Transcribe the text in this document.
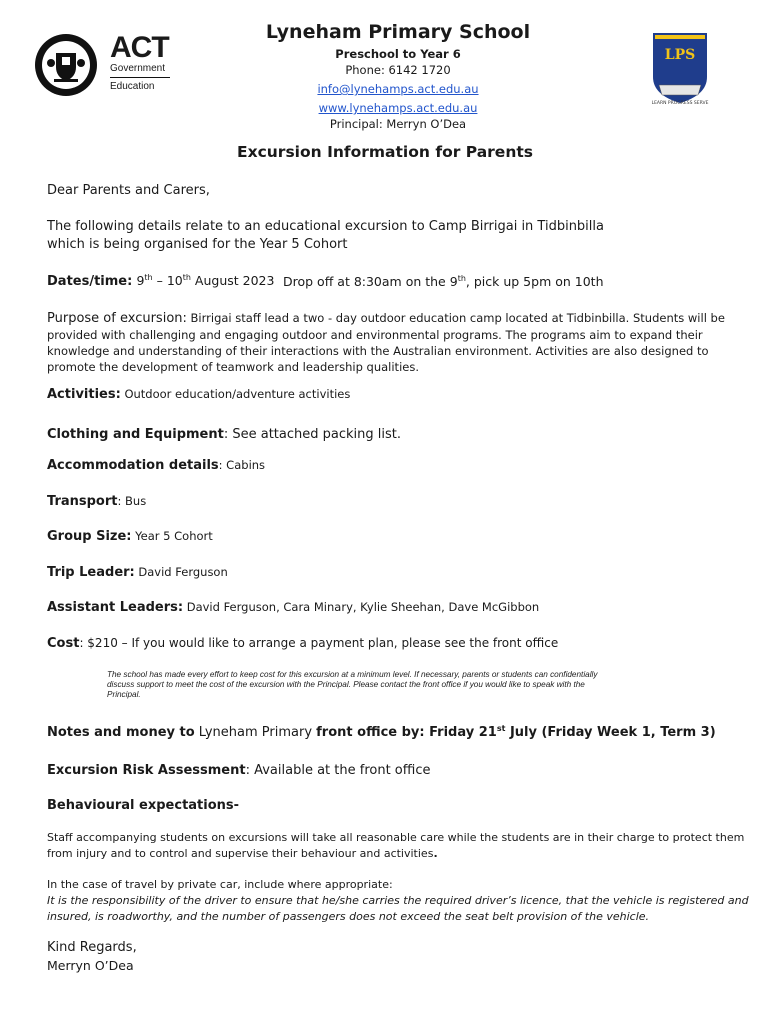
ACT
Government
Education
Lyneham Primary School
Preschool to Year 6
Phone: 6142 1720
info@lynehamps.act.edu.au
www.lynehamps.act.edu.au
Principal: Merryn O’Dea
LPS
LEARN PROGRESS SERVE
Excursion Information for Parents
Dear Parents and Carers,
The following details relate to an educational excursion to Camp Birrigai in Tidbinbilla
which is being organised for the Year 5 Cohort
Dates/time: 9th – 10th August 2023 Drop off at 8:30am on the 9th, pick up 5pm on 10th
Purpose of excursion: Birrigai staff lead a two - day outdoor education camp located at Tidbinbilla. Students will be
provided with challenging and engaging outdoor and environmental programs. The programs aim to expand their
knowledge and understanding of their interactions with the Australian environment. Activities are also designed to
promote the development of teamwork and leadership qualities.
Activities: Outdoor education/adventure activities
Clothing and Equipment: See attached packing list.
Accommodation details: Cabins
Transport: Bus
Group Size: Year 5 Cohort
Trip Leader: David Ferguson
Assistant Leaders: David Ferguson, Cara Minary, Kylie Sheehan, Dave McGibbon
Cost: $210 – If you would like to arrange a payment plan, please see the front office
The school has made every effort to keep cost for this excursion at a minimum level. If necessary, parents or students can confidentially
discuss support to meet the cost of the excursion with the Principal. Please contact the front office if you would like to speak with the
Principal.
Notes and money to Lyneham Primary front office by: Friday 21st July (Friday Week 1, Term 3)
Excursion Risk Assessment: Available at the front office
Behavioural expectations-
Staff accompanying students on excursions will take all reasonable care while the students are in their charge to protect them
from injury and to control and supervise their behaviour and activities.
In the case of travel by private car, include where appropriate:
It is the responsibility of the driver to ensure that he/she carries the required driver’s licence, that the vehicle is registered and
insured, is roadworthy, and the number of passengers does not exceed the seat belt provision of the vehicle.
Kind Regards,
Merryn O’Dea
